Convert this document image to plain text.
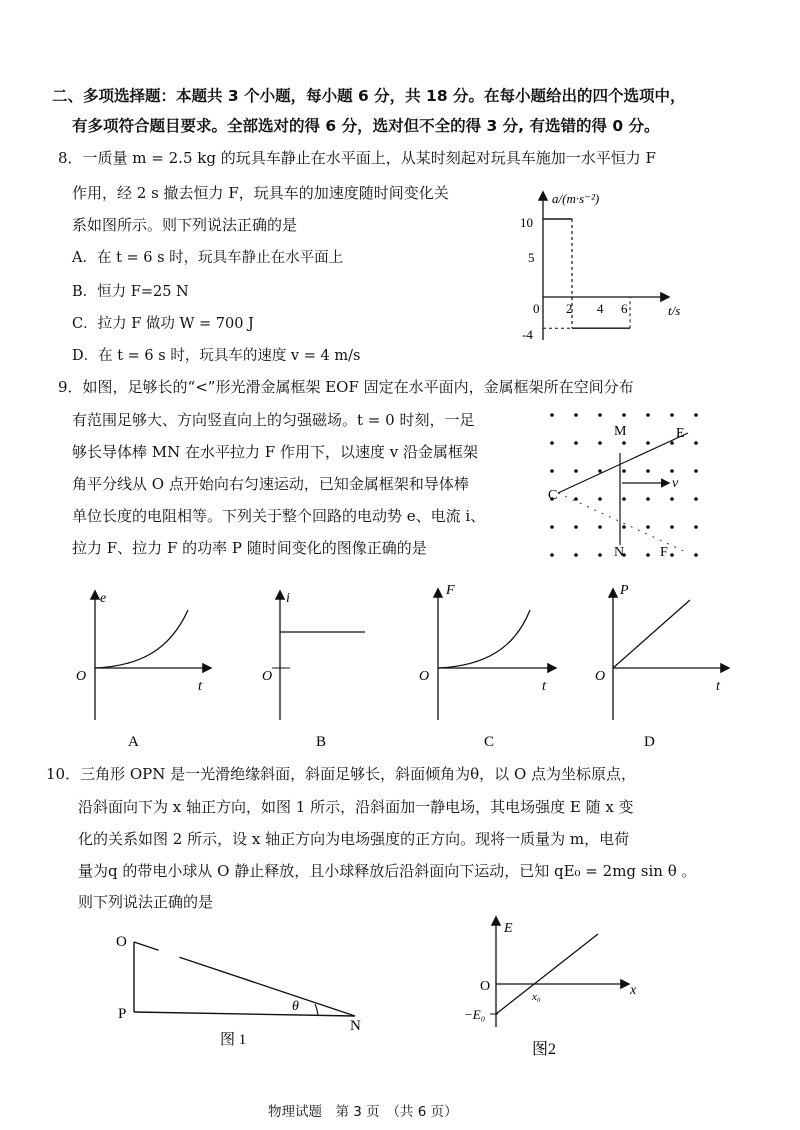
二、多项选择题：本题共 3 个小题，每小题 6 分，共 18 分。在每小题给出的四个选项中，
有多项符合题目要求。全部选对的得 6 分，选对但不全的得 3 分, 有选错的得 0 分。
8．一质量 m = 2.5 kg 的玩具车静止在水平面上，从某时刻起对玩具车施加一水平恒力 F
作用，经 2 s 撤去恒力 F，玩具车的加速度随时间变化关
系如图所示。则下列说法正确的是
A．在 t = 6 s 时，玩具车静止在水平面上
B．恒力 F=25 N
C．拉力 F 做功 W = 700 J
D．在 t = 6 s 时，玩具车的速度 v = 4 m/s
a/(m·s⁻²)
t/s
10
5
-4
0 2 4 6
9．如图，足够长的“<”形光滑金属框架 EOF 固定在水平面内，金属框架所在空间分布
有范围足够大、方向竖直向上的匀强磁场。t = 0 时刻，一足
够长导体棒 MN 在水平拉力 F 作用下，以速度 v 沿金属框架
角平分线从 O 点开始向右匀速运动，已知金属框架和导体棒
单位长度的电阻相等。下列关于整个回路的电动势 e、电流 i、
拉力 F、拉力 F 的功率 P 随时间变化的图像正确的是
M	E
C
v
N	F
e
t
O
A
i
O
B
F
t
O
C
P
t
O
D
10．三角形 OPN 是一光滑绝缘斜面，斜面足够长，斜面倾角为θ，以 O 点为坐标原点，
沿斜面向下为 x 轴正方向，如图 1 所示，沿斜面加一静电场，其电场强度 E 随 x 变
化的关系如图 2 所示，设 x 轴正方向为电场强度的正方向。现将一质量为 m，电荷
量为q 的带电小球从 O 静止释放，且小球释放后沿斜面向下运动，已知 qE₀ = 2mg sin θ 。
则下列说法正确的是
O
P
N
θ
图 1
E
O	x
x₀
−E₀
图2
物理试题　第 3 页　（共 6 页）
